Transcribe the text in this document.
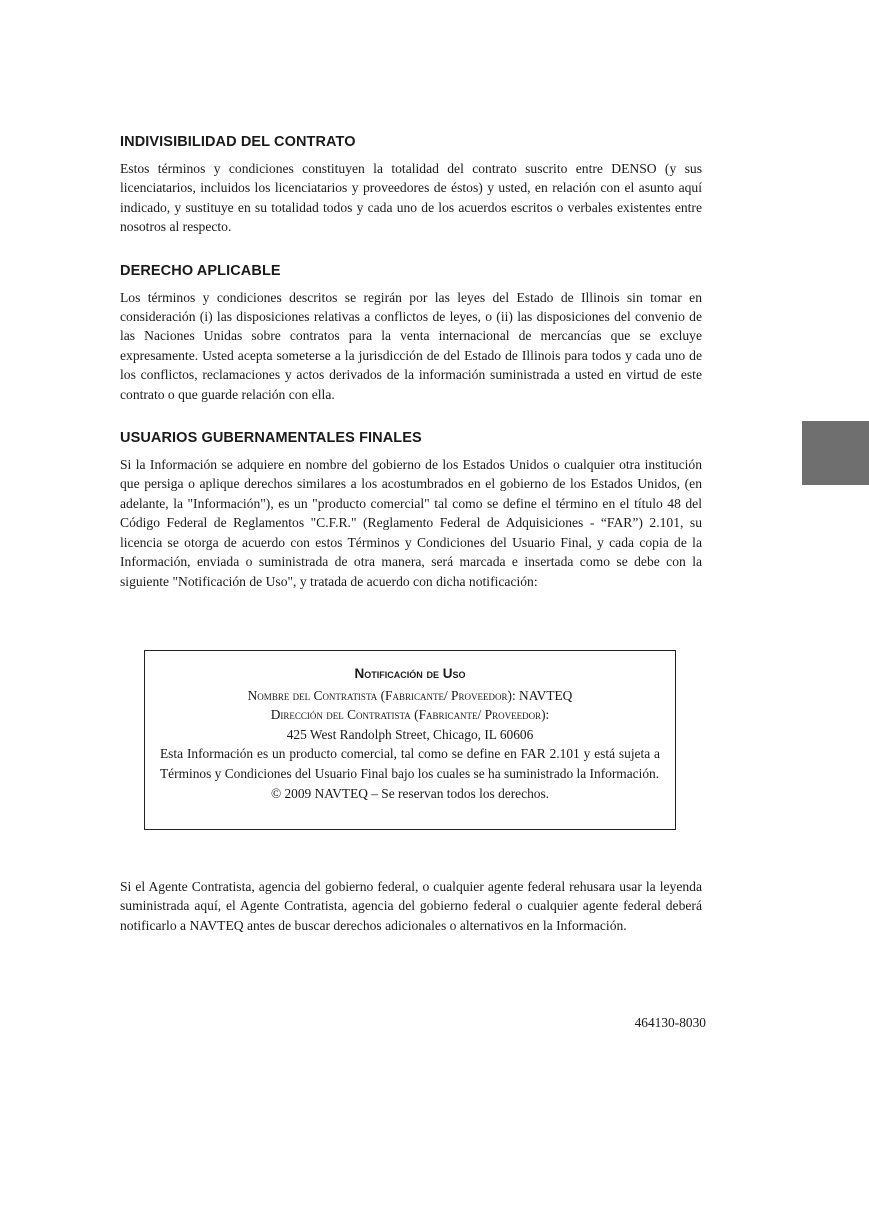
INDIVISIBILIDAD DEL CONTRATO

Estos términos y condiciones constituyen la totalidad del contrato suscrito entre DENSO (y sus licenciatarios, incluidos los licenciatarios y proveedores de éstos) y usted, en relación con el asunto aquí indicado, y sustituye en su totalidad todos y cada uno de los acuerdos escritos o verbales existentes entre nosotros al respecto.

DERECHO APLICABLE

Los términos y condiciones descritos se regirán por las leyes del Estado de Illinois sin tomar en consideración (i) las disposiciones relativas a conflictos de leyes, o (ii) las disposiciones del convenio de las Naciones Unidas sobre contratos para la venta internacional de mercancías que se excluye expresamente. Usted acepta someterse a la jurisdicción de del Estado de Illinois para todos y cada uno de los conflictos, reclamaciones y actos derivados de la información suministrada a usted en virtud de este contrato o que guarde relación con ella.

USUARIOS GUBERNAMENTALES FINALES

Si la Información se adquiere en nombre del gobierno de los Estados Unidos o cualquier otra institución que persiga o aplique derechos similares a los acostumbrados en el gobierno de los Estados Unidos, (en adelante, la "Información"), es un "producto comercial" tal como se define el término en el título 48 del Código Federal de Reglamentos "C.F.R." (Reglamento Federal de Adquisiciones - “FAR”) 2.101, su licencia se otorga de acuerdo con estos Términos y Condiciones del Usuario Final, y cada copia de la Información, enviada o suministrada de otra manera, será marcada e insertada como se debe con la siguiente "Notificación de Uso", y tratada de acuerdo con dicha notificación:

Notificación de Uso

Nombre del Contratista (Fabricante/ Proveedor): NAVTEQ

Dirección del Contratista (Fabricante/ Proveedor):

425 West Randolph Street, Chicago, IL 60606

Esta Información es un producto comercial, tal como se define en FAR 2.101 y está sujeta a Términos y Condiciones del Usuario Final bajo los cuales se ha suministrado la Información.

© 2009 NAVTEQ – Se reservan todos los derechos.

Si el Agente Contratista, agencia del gobierno federal, o cualquier agente federal rehusara usar la leyenda suministrada aquí, el Agente Contratista, agencia del gobierno federal o cualquier agente federal deberá notificarlo a NAVTEQ antes de buscar derechos adicionales o alternativos en la Información.

464130-8030
